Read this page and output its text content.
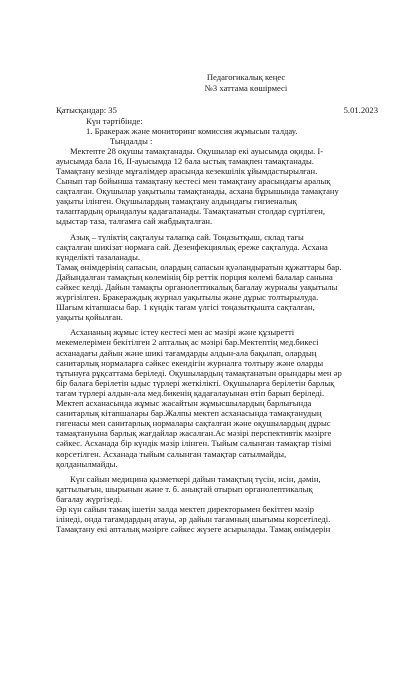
Педагогикалық кеңес
№3 хаттама көшірмесі
Қатысқандар: 35	5.01.2023
Күн тәртібінде:
1. Бракераж және мониторинг комиссия жұмысын талдау.
Тыңдалды :
Мектепте 28 оқушы тамақтанады. Оқушылар екі ауысымда оқиды. І-
ауысымда бала 16, ІІ-ауысымда 12 бала ыстық тамақпен тамақтанады.
Тамақтану кезінде мұғалімдер арасында кезекшілік ұйымдастырылған.
Сынып тар бойынша тамақтану кестесі мен тамақтану арасындағы аралық
сақталған. Оқушылар уақытылы тамақтанады, асхана бұрышында тамақтану
уақыты ілінген. Оқушылардың тамақтану алдындағы гигиеналық
талаптардың орындалуы қадағаланады. Тамақтанатын столдар сүртілген,
ыдыстар таза, талғамға сай жабдықталған.
Азық – түліктің сақталуы талапқа сай. Тоңазытқыш, склад тағы
сақталған шикізат нормаға сай. Дезенфекциялық ереже сақталуда. Асхана
күнделікті тазаланады.
Тамақ өнімдерінің сапасын, олардың сапасын қуәландыратын құжаттары бар.
Дайындалған тамақтың көлемінің бір реттік порция көлемі балалар санына
сәйкес келді. Дайын тамақты органолептикалық бағалау журналы уақытылы
жүргізілген. Бракераждық журнал уақытылы және дұрыс толтырылуда.
Шағым кітапшасы бар. 1 күндік тағам үлгісі тоңазытқышта сақталған,
уақыты қойылған.
Асхананың жұмыс істеу кестесі мен ас мәзірі және құзыретті
мекемелерімен бекітілген 2 апталық ас мәзірі бар.Мектептің мед.бикесі
асханадағы дайын және шикі тағамдарды алдын-ала бақылап, олардың
санитарлық нормаларға сәйкес екендігін журналға толтыру және оларды
тұтынуға рұқсаттама беріледі. Оқушылардың тамақтанатын орындары мен әр
бір балаға берілетін ыдыс түрлері жеткілікті. Оқушыларға берілетін барлық
тағам түрлері алдын-ала мед.бикенің қадағалауынан өтіп барып беріледі.
Мектеп асханасында жұмыс жасайтын жұмысшылардың барлығында
санитарлық кітапшалары бар.Жалпы мектеп асханасында тамақтанудың
гигенасы мен санитарлық нормалары сақталған және оқушылардың дұрыс
тамақтануына барлық жағдайлар жасалған.Ас мәзірі перспективтік мәзірге
сәйкес. Асханада бір күндік мәзір ілінген. Тыйым салынған тамақтар тізімі
көрсетілген. Асханада тыйым салынған тамақтар сатылмайды,
қолданылмайды.
Күн сайын медицина қызметкері дайын тамақтың түсін, исін, дәмін,
қаттылығын, шырынын және т. б. анықтай отырып органолептикалық
бағалау жүргізеді.
Әр күн сайын тамақ ішетін залда мектеп директорымен бекітген мәзір
ілінеді, онда тағамдардың атауы, әр дайын тағамның шығымы көрсетіледі.
Тамақтану екі апталық мәзірге сәйкес жүзеге асырылады. Тамақ өнімдерін
